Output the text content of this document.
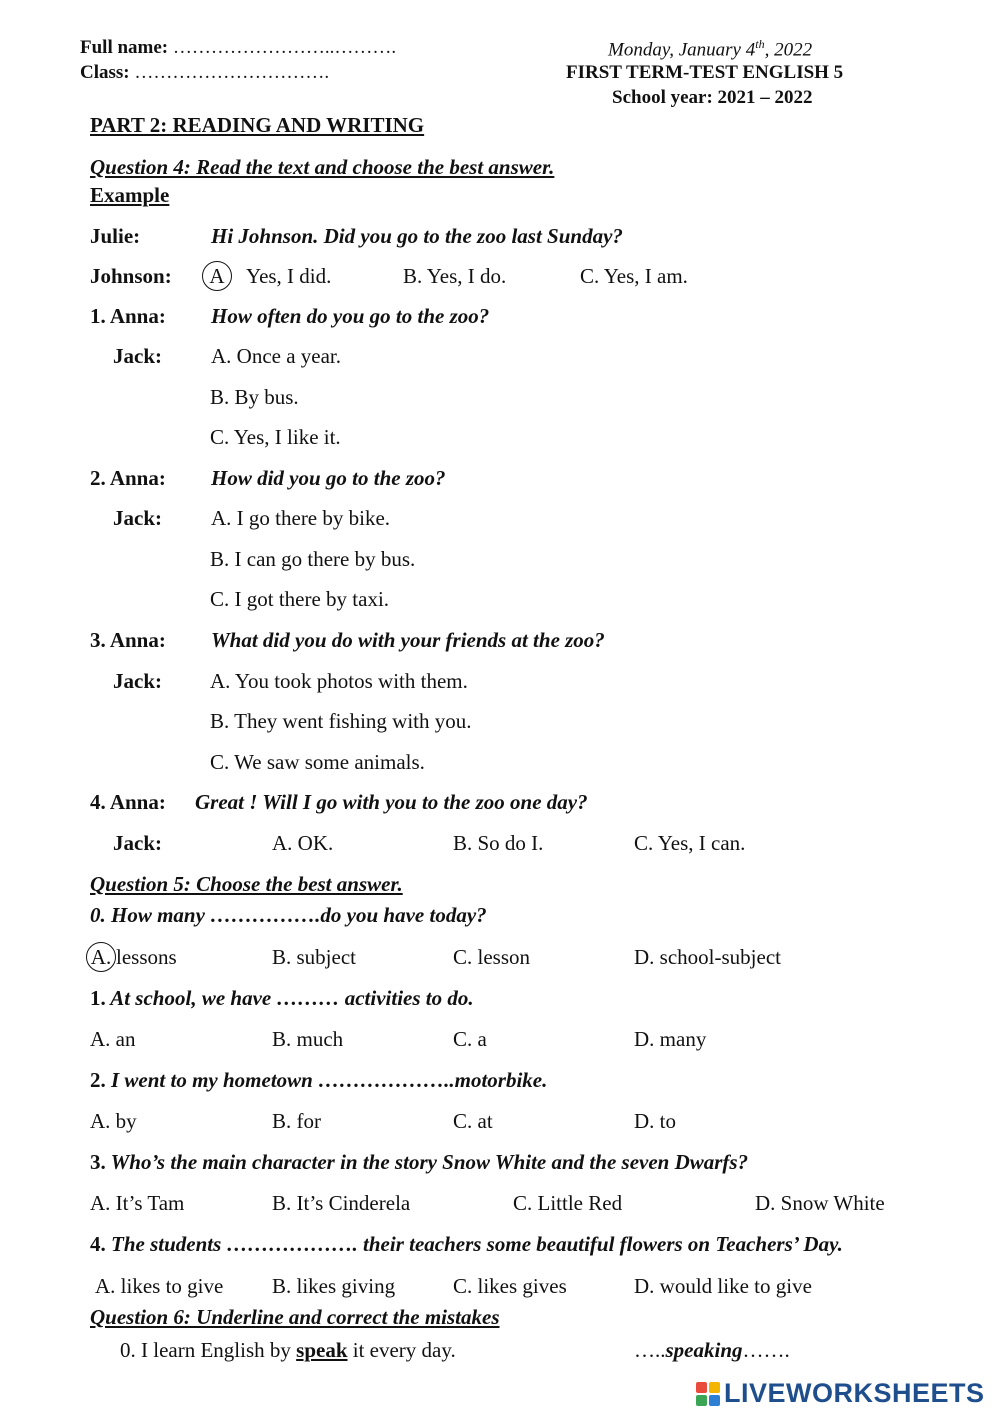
Full name: ……………………..……….
Class: ………………………….
Monday, January 4th, 2022
FIRST TERM-TEST ENGLISH 5
School year: 2021 – 2022
PART 2: READING AND WRITING
Question 4: Read the text and choose the best answer.
Example
Julie:	Hi Johnson. Did you go to the zoo last Sunday?
Johnson: A Yes, I did.	B. Yes, I do.	C. Yes, I am.
1. Anna: How often do you go to the zoo?
Jack: A. Once a year.
B. By bus.
C. Yes, I like it.
2. Anna: How did you go to the zoo?
Jack: A. I go there by bike.
B. I can go there by bus.
C. I got there by taxi.
3. Anna: What did you do with your friends at the zoo?
Jack: A. You took photos with them.
B. They went fishing with you.
C. We saw some animals.
4. Anna: Great ! Will I go with you to the zoo one day?
Jack:	A. OK.	B. So do I.	C. Yes, I can.
Question 5: Choose the best answer.
0. How many …………….do you have today?
A. lessons	B. subject	C. lesson	D. school-subject
1. At school, we have ……… activities to do.
A. an	B. much	C. a	D. many
2. I went to my hometown ………………..motorbike.
A. by	B. for	C. at	D. to
3. Who’s the main character in the story Snow White and the seven Dwarfs?
A. It’s Tam	B. It’s Cinderela	C. Little Red	D. Snow White
4. The students ………………. their teachers some beautiful flowers on Teachers’ Day.
A. likes to give B. likes giving	C. likes gives	D. would like to give
Question 6: Underline and correct the mistakes
0. I learn English by speak it every day.	…..speaking…….
LIVEWORKSHEETS
